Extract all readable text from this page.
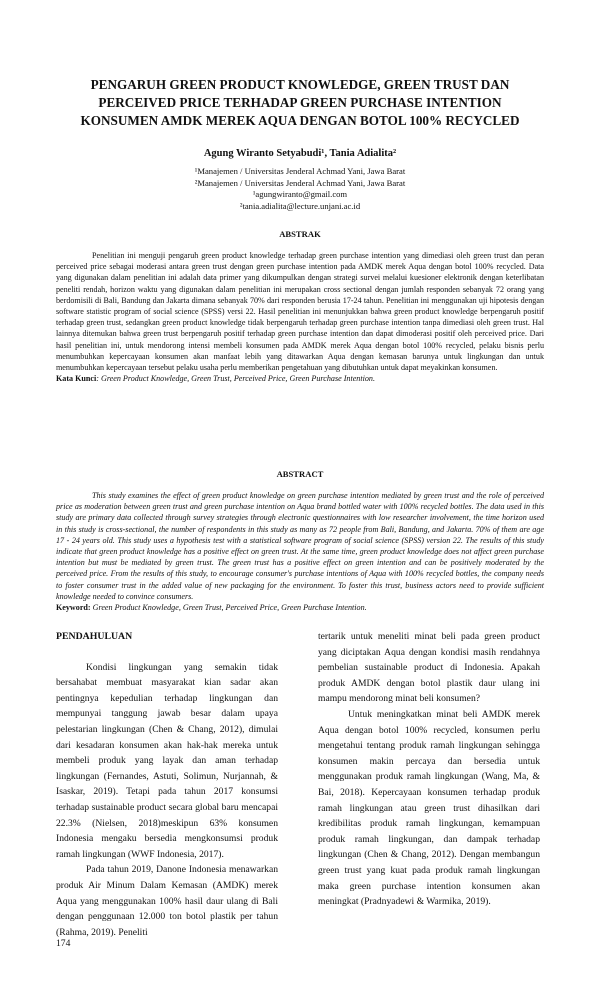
PENGARUH GREEN PRODUCT KNOWLEDGE, GREEN TRUST DAN
PERCEIVED PRICE TERHADAP GREEN PURCHASE INTENTION
KONSUMEN AMDK MEREK AQUA DENGAN BOTOL 100% RECYCLED
Agung Wiranto Setyabudi¹, Tania Adialita²
¹Manajemen / Universitas Jenderal Achmad Yani, Jawa Barat
²Manajemen / Universitas Jenderal Achmad Yani, Jawa Barat
¹agungwiranto@gmail.com
²tania.adialita@lecture.unjani.ac.id
ABSTRAK

Penelitian ini menguji pengaruh green product knowledge terhadap green purchase intention yang dimediasi oleh green trust dan peran perceived price sebagai moderasi antara green trust dengan green purchase intention pada AMDK merek Aqua dengan botol 100% recycled. Data yang digunakan dalam penelitian ini adalah data primer yang dikumpulkan dengan strategi survei melalui kuesioner elektronik dengan keterlibatan peneliti rendah, horizon waktu yang digunakan dalam penelitian ini merupakan cross sectional dengan jumlah responden sebanyak 72 orang yang berdomisili di Bali, Bandung dan Jakarta dimana sebanyak 70% dari responden berusia 17-24 tahun. Penelitian ini menggunakan uji hipotesis dengan software statistic program of social science (SPSS) versi 22. Hasil penelitian ini menunjukkan bahwa green product knowledge berpengaruh positif terhadap green trust, sedangkan green product knowledge tidak berpengaruh terhadap green purchase intention tanpa dimediasi oleh green trust. Hal lainnya ditemukan bahwa green trust berpengaruh positif terhadap green purchase intention dan dapat dimoderasi positif oleh perceived price. Dari hasil penelitian ini, untuk mendorong intensi membeli konsumen pada AMDK merek Aqua dengan botol 100% recycled, pelaku bisnis perlu menumbuhkan kepercayaan konsumen akan manfaat lebih yang ditawarkan Aqua dengan kemasan barunya untuk lingkungan dan untuk menumbuhkan kepercayaan tersebut pelaku usaha perlu memberikan pengetahuan yang dibutuhkan untuk dapat meyakinkan konsumen.

Kata Kunci: Green Product Knowledge, Green Trust, Perceived Price, Green Purchase Intention.

ABSTRACT

This study examines the effect of green product knowledge on green purchase intention mediated by green trust and the role of perceived price as moderation between green trust and green purchase intention on Aqua brand bottled water with 100% recycled bottles. The data used in this study are primary data collected through survey strategies through electronic questionnaires with low researcher involvement, the time horizon used in this study is cross-sectional, the number of respondents in this study as many as 72 people from Bali, Bandung, and Jakarta. 70% of them are age 17 - 24 years old. This study uses a hypothesis test with a statistical software program of social science (SPSS) version 22. The results of this study indicate that green product knowledge has a positive effect on green trust. At the same time, green product knowledge does not affect green purchase intention but must be mediated by green trust. The green trust has a positive effect on green intention and can be positively moderated by the perceived price. From the results of this study, to encourage consumer's purchase intentions of Aqua with 100% recycled bottles, the company needs to foster consumer trust in the added value of new packaging for the environment. To foster this trust, business actors need to provide sufficient knowledge needed to convince consumers.

Keyword: Green Product Knowledge, Green Trust, Perceived Price, Green Purchase Intention.

PENDAHULUAN

Kondisi lingkungan yang semakin tidak bersahabat membuat masyarakat kian sadar akan pentingnya kepedulian terhadap lingkungan dan mempunyai tanggung jawab besar dalam upaya pelestarian lingkungan (Chen & Chang, 2012), dimulai dari kesadaran konsumen akan hak-hak mereka untuk membeli produk yang layak dan aman terhadap lingkungan (Fernandes, Astuti, Solimun, Nurjannah, & Isaskar, 2019). Tetapi pada tahun 2017 konsumsi terhadap sustainable product secara global baru mencapai 22.3% (Nielsen, 2018)meskipun 63% konsumen Indonesia mengaku bersedia mengkonsumsi produk ramah lingkungan (WWF Indonesia, 2017).

Pada tahun 2019, Danone Indonesia menawarkan produk Air Minum Dalam Kemasan (AMDK) merek Aqua yang menggunakan 100% hasil daur ulang di Bali dengan penggunaan 12.000 ton botol plastik per tahun (Rahma, 2019). Peneliti

tertarik untuk meneliti minat beli pada green product yang diciptakan Aqua dengan kondisi masih rendahnya pembelian sustainable product di Indonesia. Apakah produk AMDK dengan botol plastik daur ulang ini mampu mendorong minat beli konsumen?

Untuk meningkatkan minat beli AMDK merek Aqua dengan botol 100% recycled, konsumen perlu mengetahui tentang produk ramah lingkungan sehingga konsumen makin percaya dan bersedia untuk menggunakan produk ramah lingkungan (Wang, Ma, & Bai, 2018). Kepercayaan konsumen terhadap produk ramah lingkungan atau green trust dihasilkan dari kredibilitas produk ramah lingkungan, kemampuan produk ramah lingkungan, dan dampak terhadap lingkungan (Chen & Chang, 2012). Dengan membangun green trust yang kuat pada produk ramah lingkungan maka green purchase intention konsumen akan meningkat (Pradnyadewi & Warmika, 2019).

174
